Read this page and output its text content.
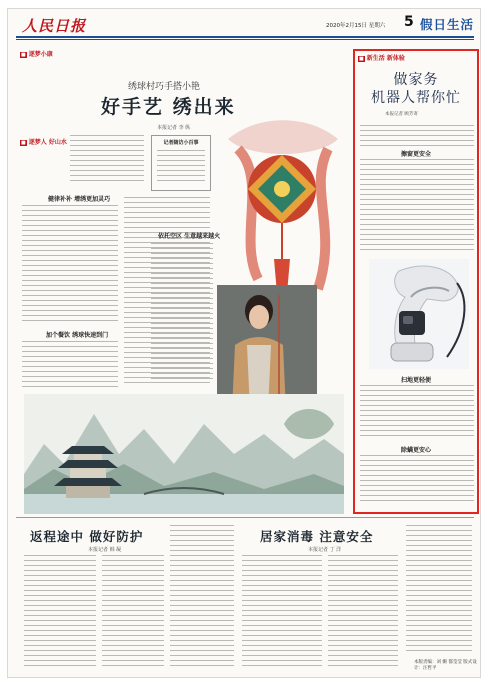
人民日报	2020年2月15日 星期六 5 假日生活
■ 逐梦小康
绣球村巧手搭小艳
好手艺 绣出来
本报记者 李 纵
记者随访小百事
■ 逐梦人 好山水
健律补补 增绣更加灵巧
加个餐饮 绣球快速到门
依托空区 生意越来越火
■ 新生活 新体验
做家务
机器人帮你忙
本报记者 顾芳寄
擦窗更安全
扫地更轻便
除螨更安心
返程途中 做好防护
本报记者 韩 凝
居家消毒 注意安全
本报记者 丁 洋
本版责编：刘 姗 都莹莹 版式设计：汪哲平
